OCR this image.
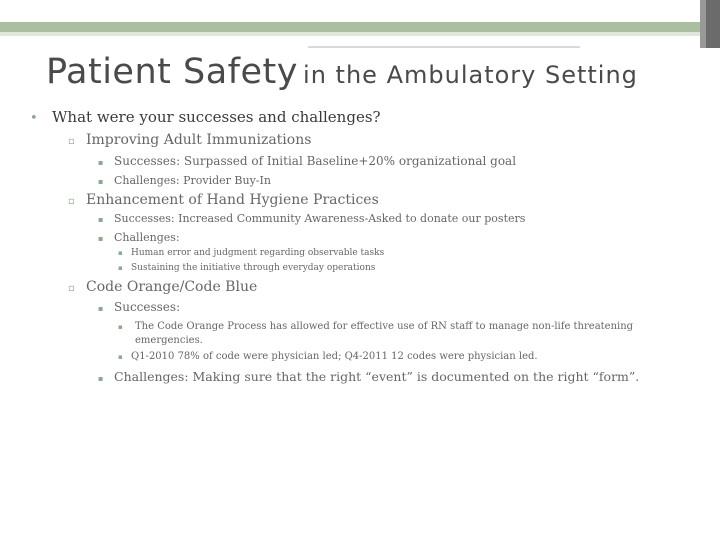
Patient Safety in the Ambulatory Setting
• What were your successes and challenges?
▫ Improving Adult Immunizations
▪ Successes: Surpassed of Initial Baseline+20% organizational goal
▪ Challenges: Provider Buy-In
▫ Enhancement of Hand Hygiene Practices
▪ Successes: Increased Community Awareness-Asked to donate our posters
▪ Challenges:
▪ Human error and judgment regarding observable tasks
▪ Sustaining the initiative through everyday operations
▫ Code Orange/Code Blue
▪ Successes:
▪	The Code Orange Process has allowed for effective use of RN staff to manage non-life threatening emergencies.
▪ Q1-2010 78% of code were physician led; Q4-2011 12 codes were physician led.
▪ Challenges: Making sure that the right “event” is documented on the right “form”.
